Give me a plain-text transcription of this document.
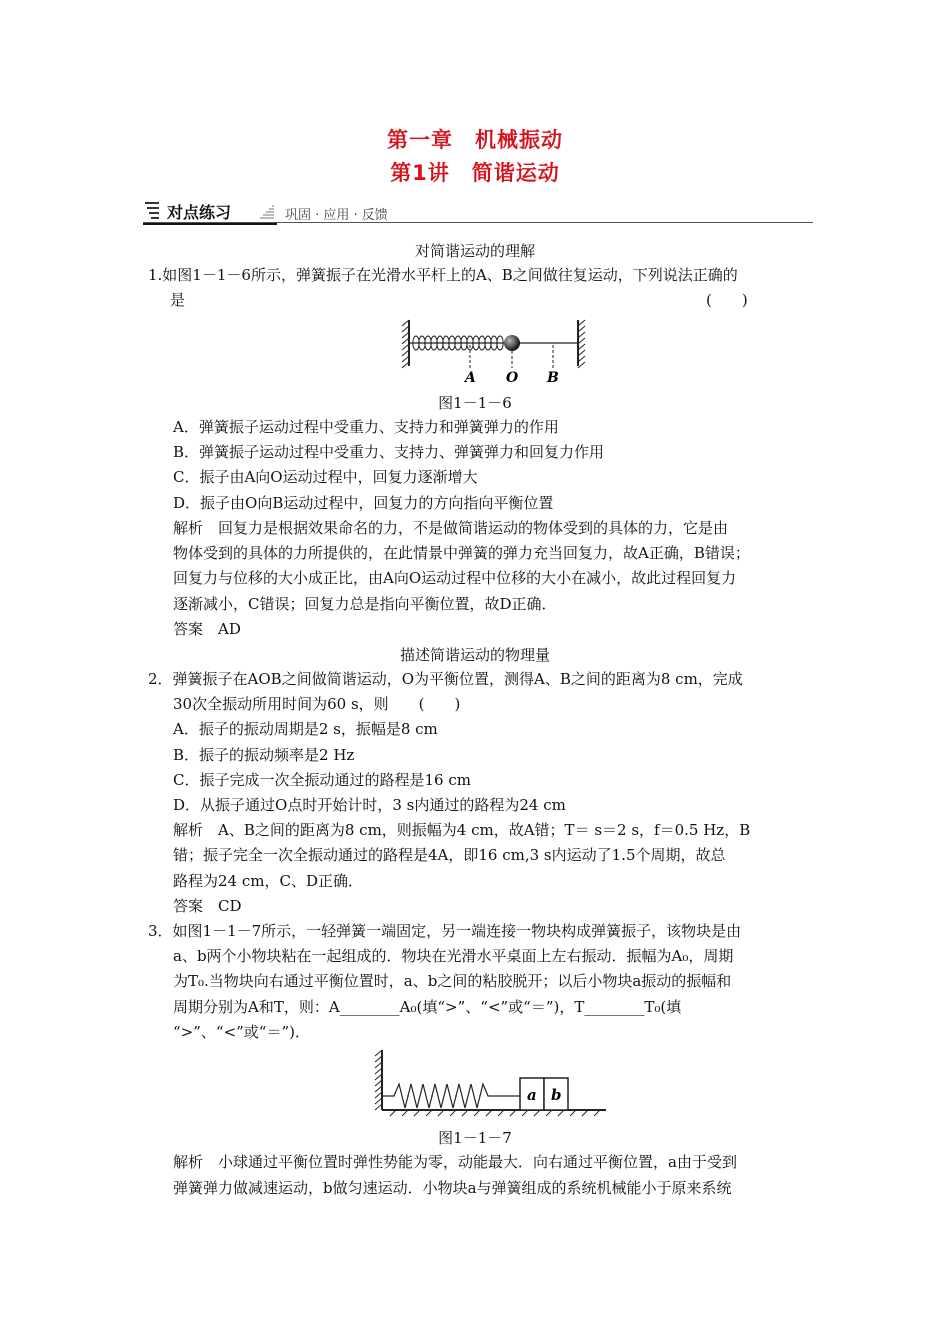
第一章　机械振动
第1讲　简谐运动
对点练习	巩固 · 应用 · 反馈
对简谐运动的理解
1.如图1－1－6所示，弹簧振子在光滑水平杆上的A、B之间做往复运动，下列说法正确的
是	(　　)
A O B
图1－1－6
A．弹簧振子运动过程中受重力、支持力和弹簧弹力的作用
B．弹簧振子运动过程中受重力、支持力、弹簧弹力和回复力作用
C．振子由A向O运动过程中，回复力逐渐增大
D．振子由O向B运动过程中，回复力的方向指向平衡位置
解析　回复力是根据效果命名的力，不是做简谐运动的物体受到的具体的力，它是由
物体受到的具体的力所提供的，在此情景中弹簧的弹力充当回复力，故A正确，B错误；
回复力与位移的大小成正比，由A向O运动过程中位移的大小在减小，故此过程回复力
逐渐减小，C错误；回复力总是指向平衡位置，故D正确．
答案　AD
描述简谐运动的物理量
2．弹簧振子在AOB之间做简谐运动，O为平衡位置，测得A、B之间的距离为8 cm，完成
30次全振动所用时间为60 s，则　　(　　)
A．振子的振动周期是2 s，振幅是8 cm
B．振子的振动频率是2 Hz
C．振子完成一次全振动通过的路程是16 cm
D．从振子通过O点时开始计时，3 s内通过的路程为24 cm
解析　A、B之间的距离为8 cm，则振幅为4 cm，故A错；T＝ s＝2 s，f＝0.5 Hz，B
错；振子完全一次全振动通过的路程是4A，即16 cm,3 s内运动了1.5个周期，故总
路程为24 cm，C、D正确．
答案　CD
3．如图1－1－7所示，一轻弹簧一端固定，另一端连接一物块构成弹簧振子，该物块是由
a、b两个小物块粘在一起组成的．物块在光滑水平桌面上左右振动．振幅为A₀，周期
为T₀.当物块向右通过平衡位置时，a、b之间的粘胶脱开；以后小物块a振动的振幅和
周期分别为A和T，则：A________A₀(填“>”、“<”或“＝”)，T________T₀(填
“>”、“<”或“＝”)．
a b
图1－1－7
解析　小球通过平衡位置时弹性势能为零，动能最大．向右通过平衡位置，a由于受到
弹簧弹力做减速运动，b做匀速运动．小物块a与弹簧组成的系统机械能小于原来系统
